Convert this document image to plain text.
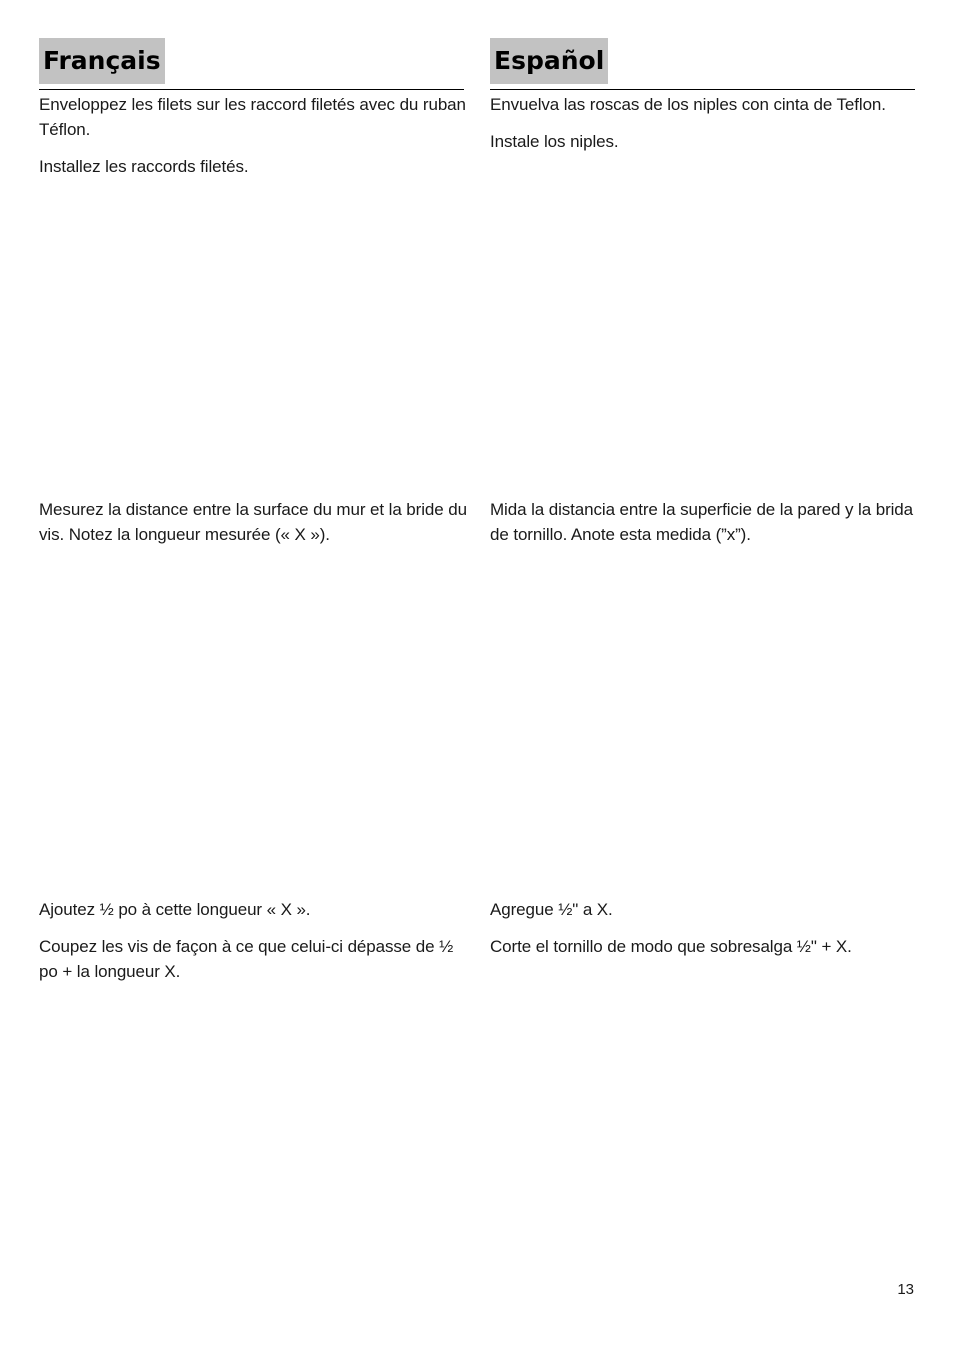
Français	Español

Enveloppez les filets sur les raccord filetés avec du ruban Téflon.

Installez les raccords filetés.

Envuelva las roscas de los niples con cinta de Teflon.

Instale los niples.

Mesurez la distance entre la surface du mur et la bride du vis. Notez la longueur mesurée (« X »).

Mida la distancia entre la superficie de la pared y la brida de tornillo. Anote esta medida (”x”).

Ajoutez ½ po à cette longueur « X ».

Coupez les vis de façon à ce que celui-ci dépasse de ½ po + la longueur X.

Agregue ½" a X.

Corte el tornillo de modo que sobresalga ½" + X.

13
